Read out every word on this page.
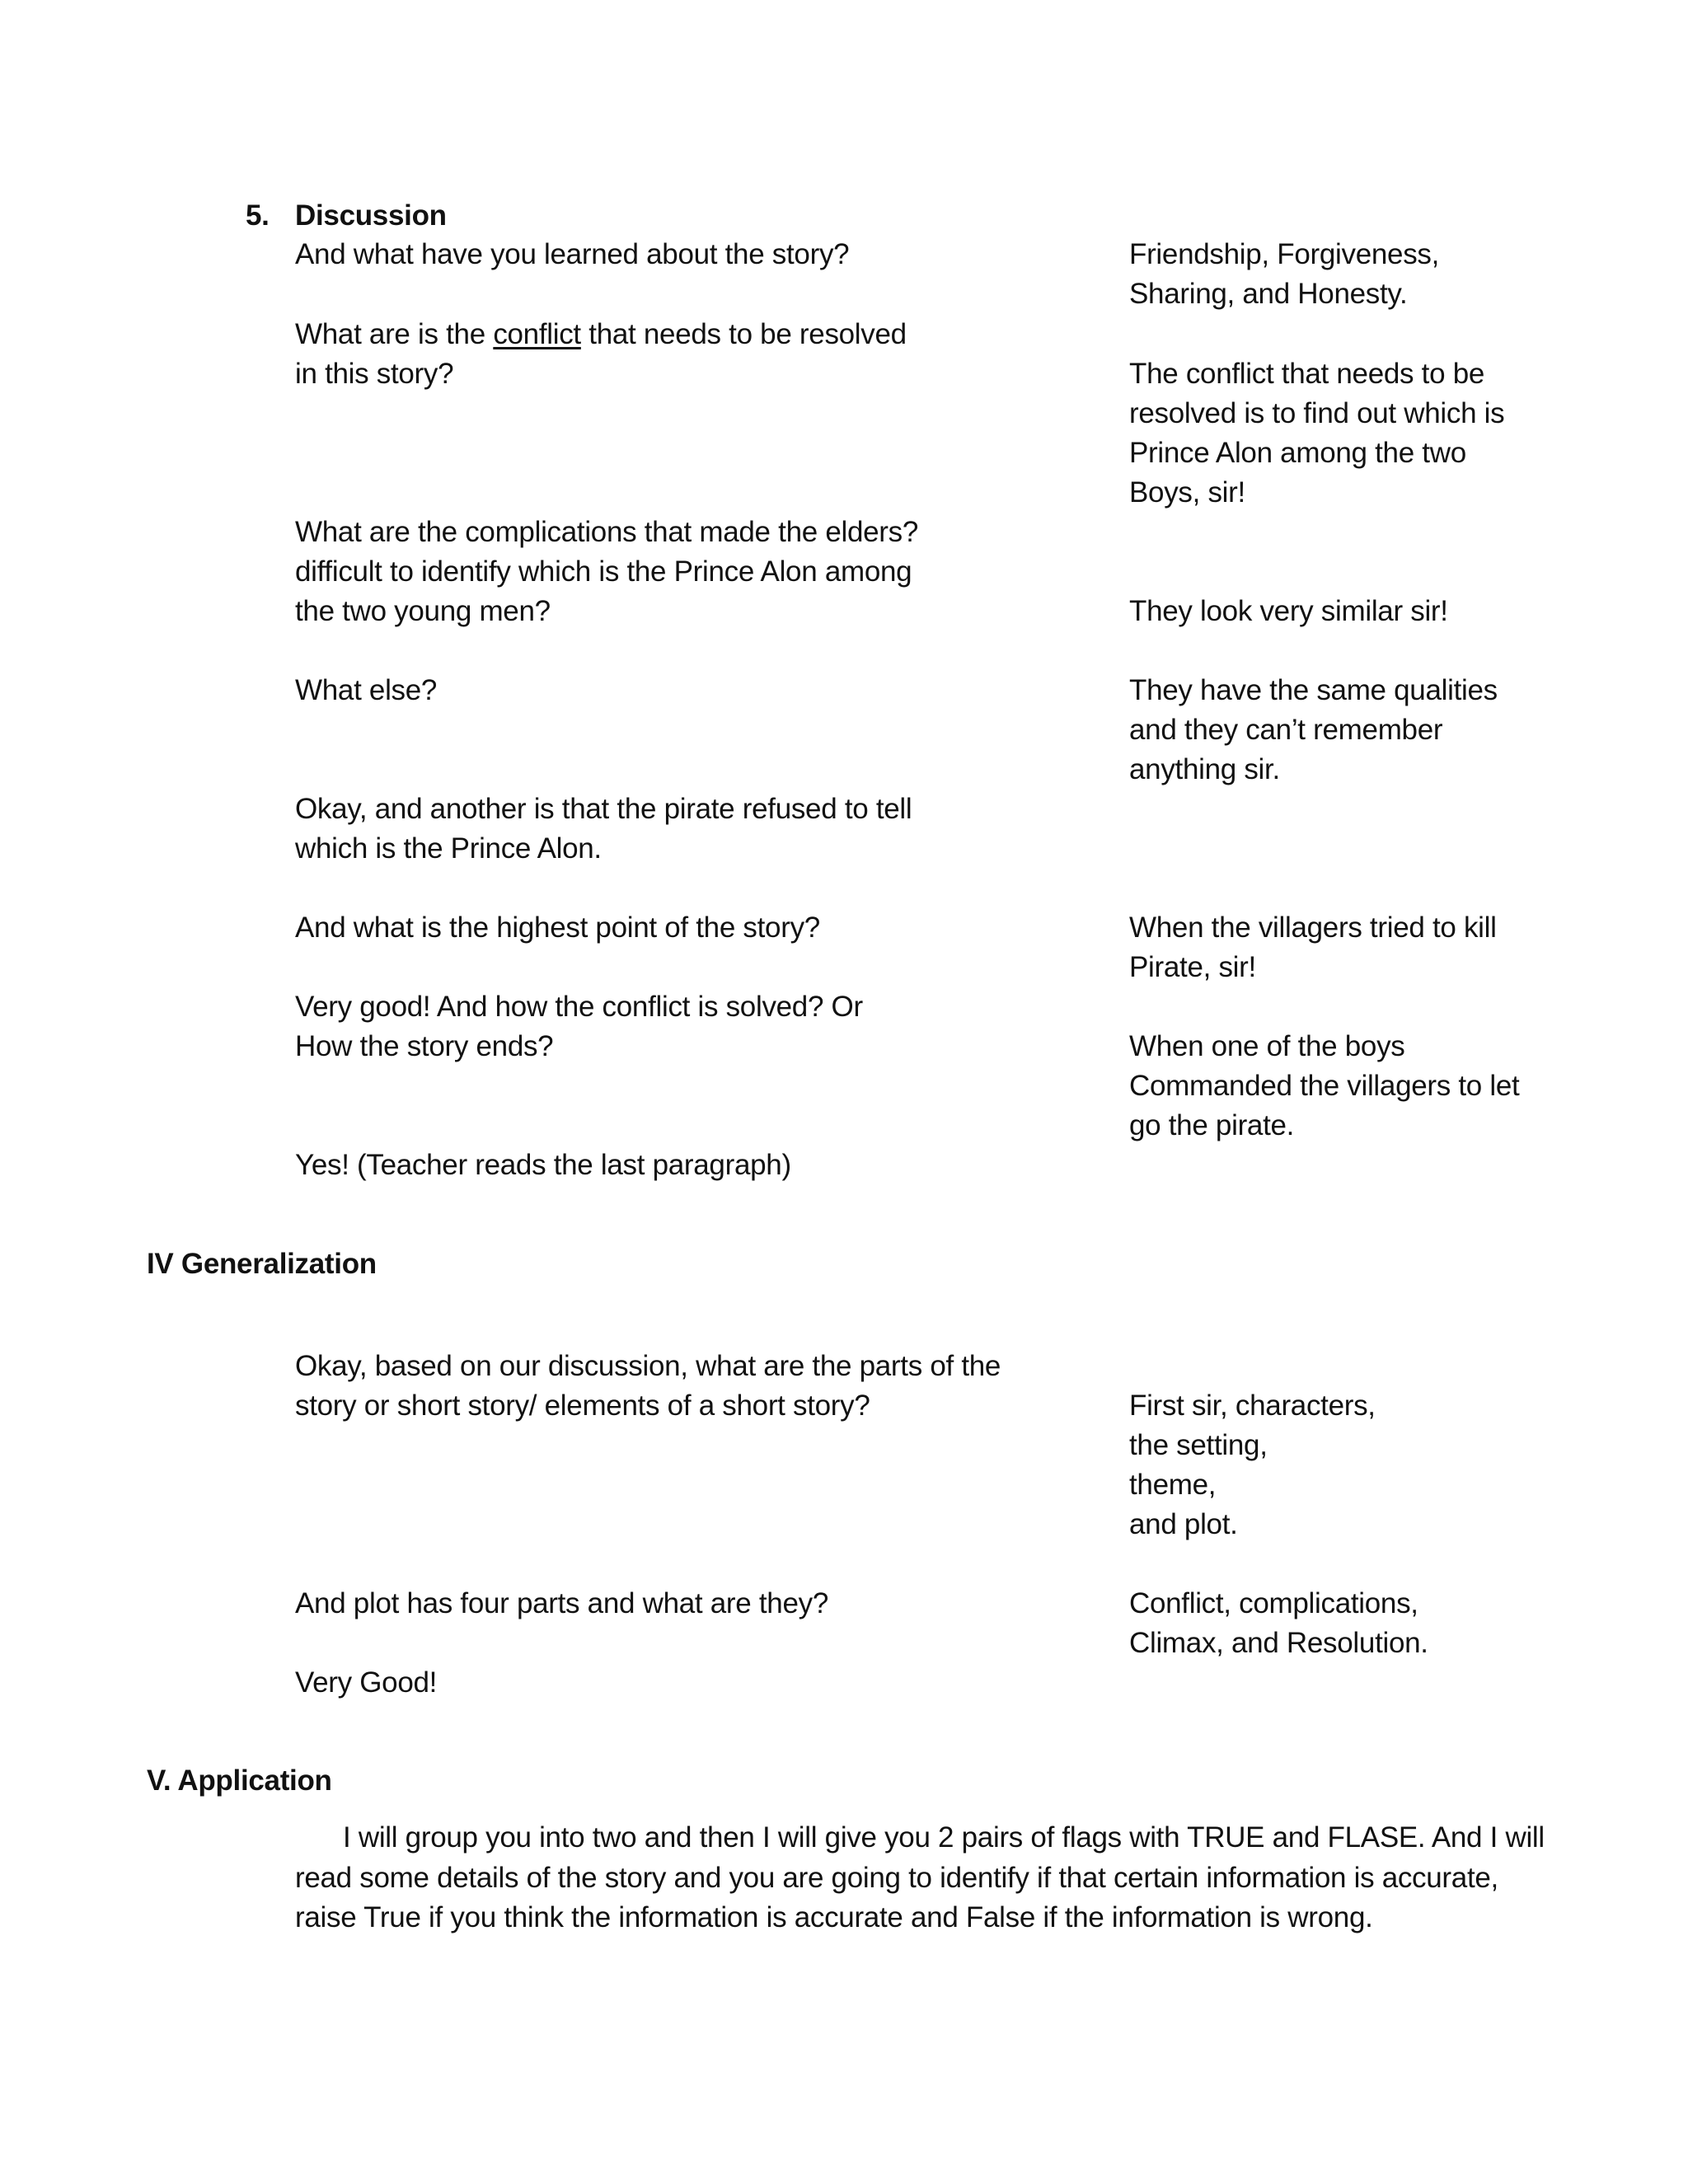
5. Discussion
And what have you learned about the story?	Friendship, Forgiveness,
Sharing, and Honesty.
What are is the conflict that needs to be resolved
in this story?	The conflict that needs to be
resolved is to find out which is
Prince Alon among the two
Boys, sir!
What are the complications that made the elders?
difficult to identify which is the Prince Alon among
the two young men?	They look very similar sir!
What else?	They have the same qualities
and they can’t remember
anything sir.
Okay, and another is that the pirate refused to tell
which is the Prince Alon.
And what is the highest point of the story?	When the villagers tried to kill
Pirate, sir!
Very good! And how the conflict is solved? Or
How the story ends?	When one of the boys
Commanded the villagers to let
go the pirate.
Yes! (Teacher reads the last paragraph)
IV Generalization
Okay, based on our discussion, what are the parts of the
story or short story/ elements of a short story?	First sir, characters,
the setting,
theme,
and plot.
And plot has four parts and what are they?	Conflict, complications,
Climax, and Resolution.
Very Good!
V. Application
I will group you into two and then I will give you 2 pairs of flags with TRUE and FLASE. And I will
read some details of the story and you are going to identify if that certain information is accurate,
raise True if you think the information is accurate and False if the information is wrong.
